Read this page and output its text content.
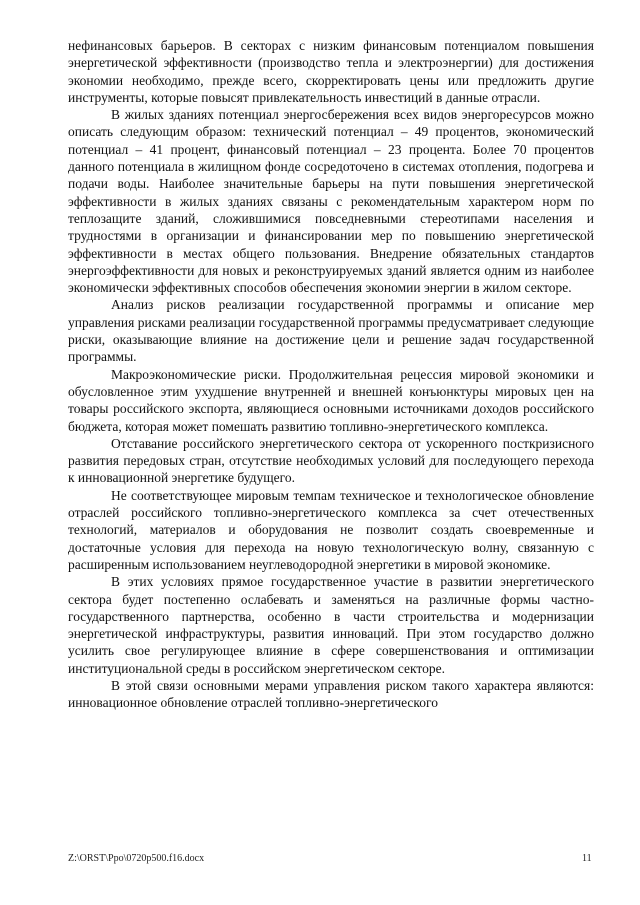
нефинансовых барьеров. В секторах с низким финансовым потенциалом повышения энергетической эффективности (производство тепла и электроэнергии) для достижения экономии необходимо, прежде всего, скорректировать цены или предложить другие инструменты, которые повысят привлекательность инвестиций в данные отрасли.

В жилых зданиях потенциал энергосбережения всех видов энергоресурсов можно описать следующим образом: технический потенциал – 49 процентов, экономический потенциал – 41 процент, финансовый потенциал – 23 процента. Более 70 процентов данного потенциала в жилищном фонде сосредоточено в системах отопления, подогрева и подачи воды. Наиболее значительные барьеры на пути повышения энергетической эффективности в жилых зданиях связаны с рекомендательным характером норм по теплозащите зданий, сложившимися повседневными стереотипами населения и трудностями в организации и финансировании мер по повышению энергетической эффективности в местах общего пользования. Внедрение обязательных стандартов энергоэффективности для новых и реконструируемых зданий является одним из наиболее экономически эффективных способов обеспечения экономии энергии в жилом секторе.

Анализ рисков реализации государственной программы и описание мер управления рисками реализации государственной программы предусматривает следующие риски, оказывающие влияние на достижение цели и решение задач государственной программы.

Макроэкономические риски. Продолжительная рецессия мировой экономики и обусловленное этим ухудшение внутренней и внешней конъюнктуры мировых цен на товары российского экспорта, являющиеся основными источниками доходов российского бюджета, которая может помешать развитию топливно-энергетического комплекса.

Отставание российского энергетического сектора от ускоренного посткризисного развития передовых стран, отсутствие необходимых условий для последующего перехода к инновационной энергетике будущего.

Не соответствующее мировым темпам техническое и технологическое обновление отраслей российского топливно-энергетического комплекса за счет отечественных технологий, материалов и оборудования не позволит создать своевременные и достаточные условия для перехода на новую технологическую волну, связанную с расширенным использованием неуглеводородной энергетики в мировой экономике.

В этих условиях прямое государственное участие в развитии энергетического сектора будет постепенно ослабевать и заменяться на различные формы частно-государственного партнерства, особенно в части строительства и модернизации энергетической инфраструктуры, развития инноваций. При этом государство должно усилить свое регулирующее влияние в сфере совершенствования и оптимизации институциональной среды в российском энергетическом секторе.

В этой связи основными мерами управления риском такого характера являются: инновационное обновление отраслей топливно-энергетического

Z:\ORST\Ppo\0720p500.f16.docx	11
